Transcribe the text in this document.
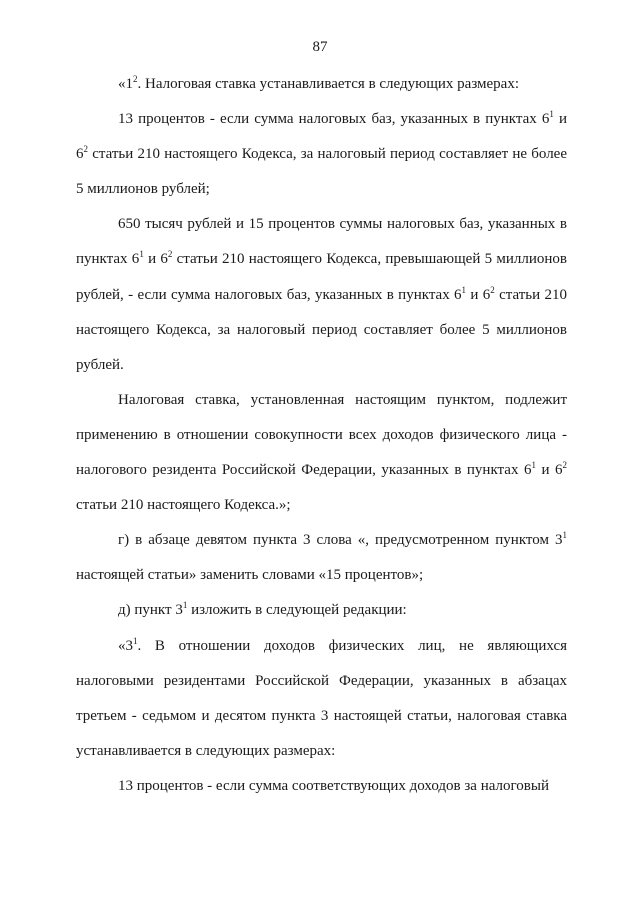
87

«$1^2$. Налоговая ставка устанавливается в следующих размерах:

13 процентов - если сумма налоговых баз, указанных в пунктах $6^1$ и $6^2$ статьи 210 настоящего Кодекса, за налоговый период составляет не более 5 миллионов рублей;

650 тысяч рублей и 15 процентов суммы налоговых баз, указанных в пунктах $6^1$ и $6^2$ статьи 210 настоящего Кодекса, превышающей 5 миллионов рублей, - если сумма налоговых баз, указанных в пунктах $6^1$ и $6^2$ статьи 210 настоящего Кодекса, за налоговый период составляет более 5 миллионов рублей.

Налоговая ставка, установленная настоящим пунктом, подлежит применению в отношении совокупности всех доходов физического лица - налогового резидента Российской Федерации, указанных в пунктах $6^1$ и $6^2$ статьи 210 настоящего Кодекса.»;

г) в абзаце девятом пункта 3 слова «, предусмотренном пунктом $3^1$ настоящей статьи» заменить словами «15 процентов»;

д) пункт $3^1$ изложить в следующей редакции:

«$3^1$. В отношении доходов физических лиц, не являющихся налоговыми резидентами Российской Федерации, указанных в абзацах третьем - седьмом и десятом пункта 3 настоящей статьи, налоговая ставка устанавливается в следующих размерах:

13 процентов - если сумма соответствующих доходов за налоговый
